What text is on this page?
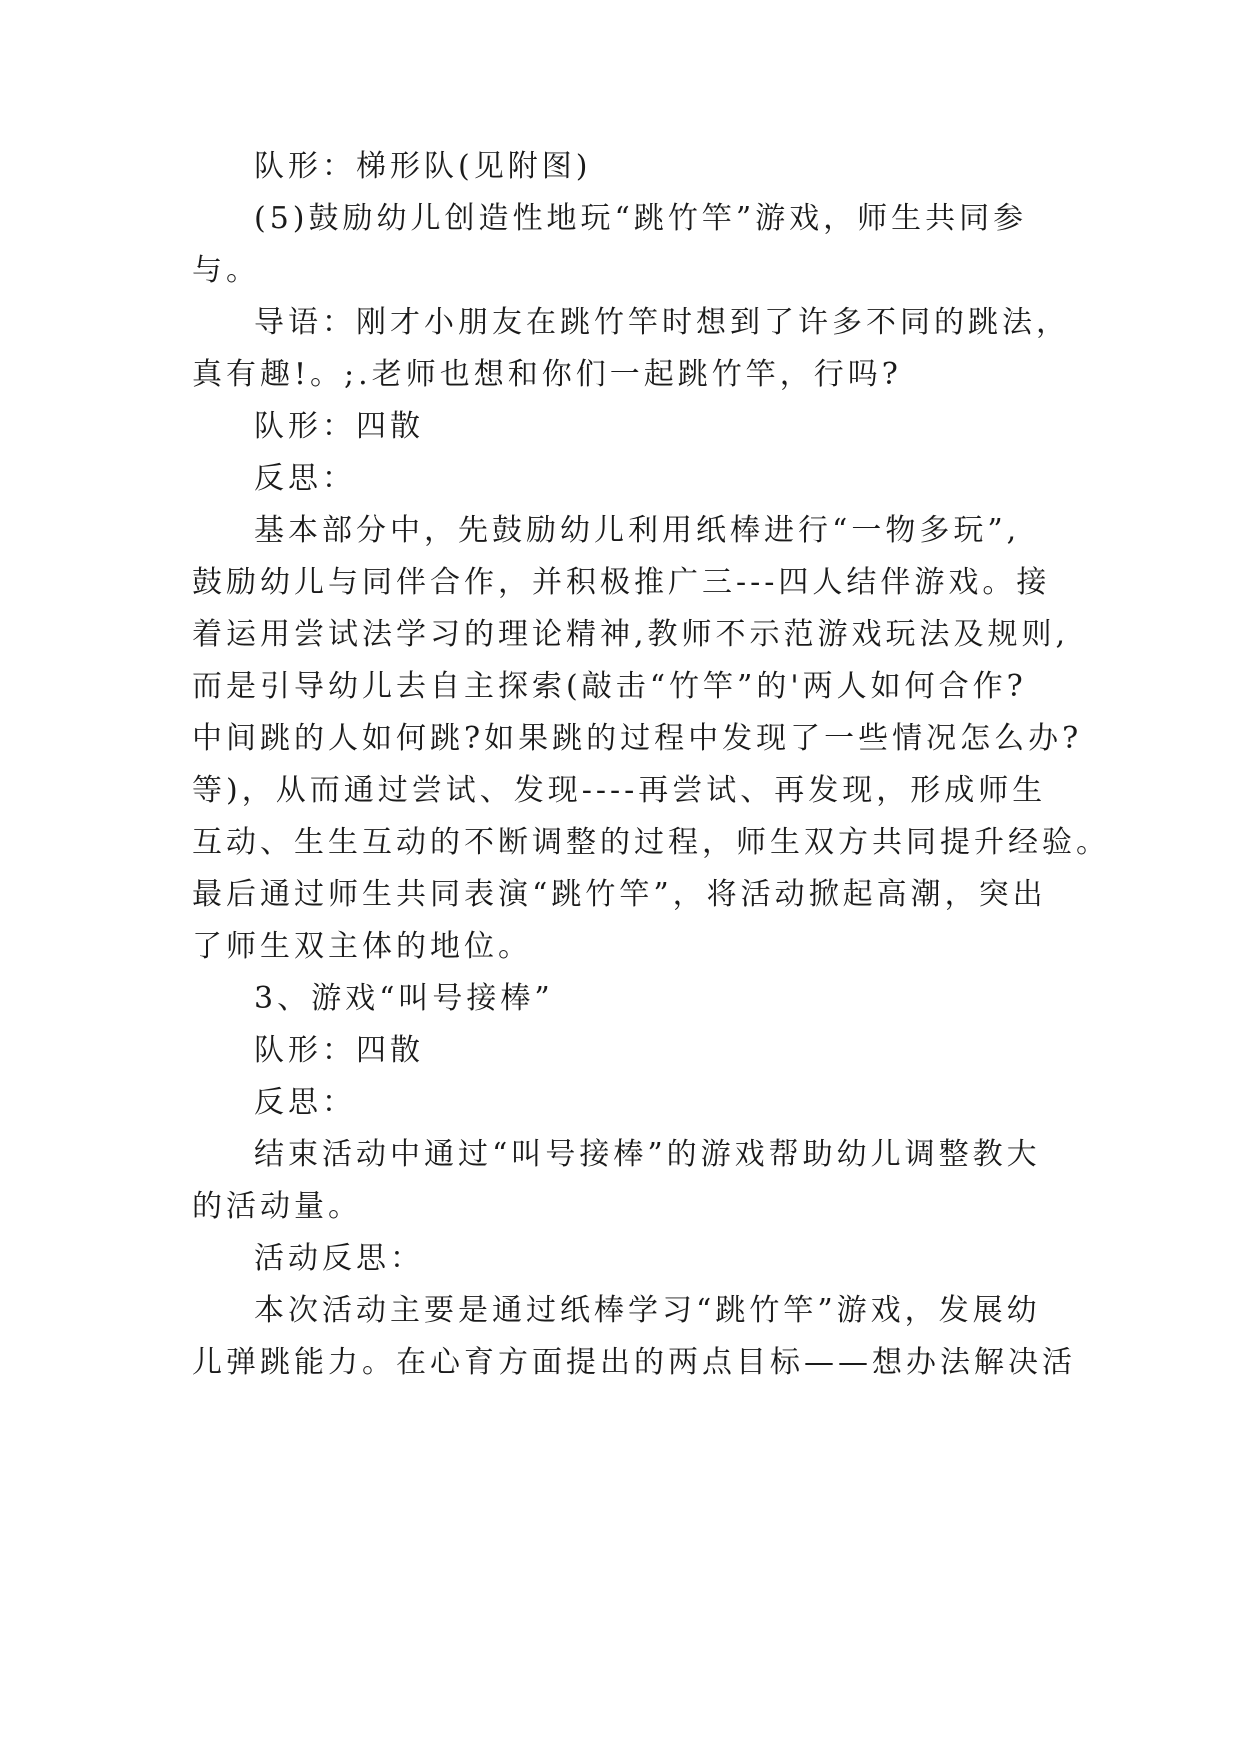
队形：梯形队(见附图)
(5)鼓励幼儿创造性地玩“跳竹竿”游戏，师生共同参
与。
导语：刚才小朋友在跳竹竿时想到了许多不同的跳法，
真有趣!。;.老师也想和你们一起跳竹竿，行吗?
队形：四散
反思：
基本部分中，先鼓励幼儿利用纸棒进行“一物多玩”,
鼓励幼儿与同伴合作，并积极推广三---四人结伴游戏。接
着运用尝试法学习的理论精神,教师不示范游戏玩法及规则,
而是引导幼儿去自主探索(敲击“竹竿”的'两人如何合作?
中间跳的人如何跳?如果跳的过程中发现了一些情况怎么办?
等)，从而通过尝试、发现----再尝试、再发现，形成师生
互动、生生互动的不断调整的过程，师生双方共同提升经验。
最后通过师生共同表演“跳竹竿”，将活动掀起高潮，突出
了师生双主体的地位。
3、游戏“叫号接棒”
队形：四散
反思：
结束活动中通过“叫号接棒”的游戏帮助幼儿调整教大
的活动量。
活动反思：
本次活动主要是通过纸棒学习“跳竹竿”游戏，发展幼
儿弹跳能力。在心育方面提出的两点目标——想办法解决活
